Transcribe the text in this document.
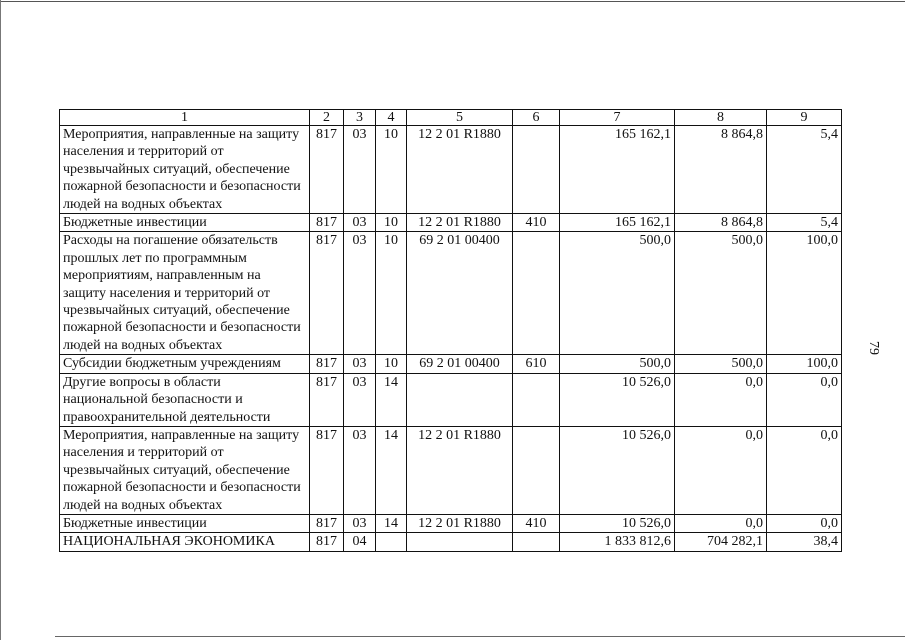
1	2	3	4	5	6	7	8	9
Мероприятия, направленные на защиту населения и территорий от чрезвычайных ситуаций, обеспечение пожарной безопасности и безопасности людей на водных объектах	817	03	10	12 2 01 R1880		165 162,1	8 864,8	5,4
Бюджетные инвестиции	817	03	10	12 2 01 R1880	410	165 162,1	8 864,8	5,4
Расходы на погашение обязательств прошлых лет по программным мероприятиям, направленным на защиту населения и территорий от чрезвычайных ситуаций, обеспечение пожарной безопасности и безопасности людей на водных объектах	817	03	10	69 2 01 00400		500,0	500,0	100,0
Субсидии бюджетным учреждениям	817	03	10	69 2 01 00400	610	500,0	500,0	100,0
Другие вопросы в области национальной безопасности и правоохранительной деятельности	817	03	14			10 526,0	0,0	0,0
Мероприятия, направленные на защиту населения и территорий от чрезвычайных ситуаций, обеспечение пожарной безопасности и безопасности людей на водных объектах	817	03	14	12 2 01 R1880		10 526,0	0,0	0,0
Бюджетные инвестиции	817	03	14	12 2 01 R1880	410	10 526,0	0,0	0,0
НАЦИОНАЛЬНАЯ ЭКОНОМИКА	817	04				1 833 812,6	704 282,1	38,4
79
